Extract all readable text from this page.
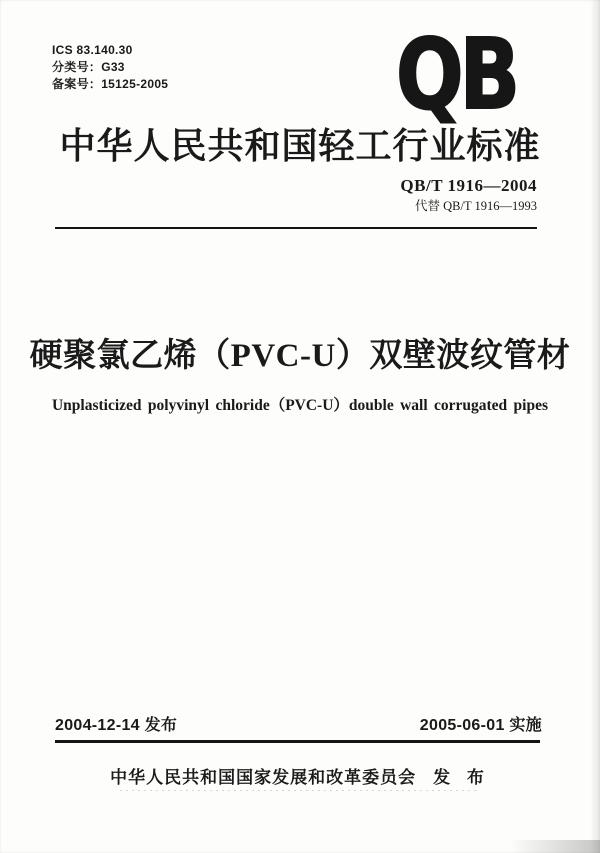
ICS 83.140.30
分类号：G33
备案号：15125-2005 QB
中华人民共和国轻工行业标准
QB/T 1916—2004
代替 QB/T 1916—1993
硬聚氯乙烯（PVC-U）双壁波纹管材
Unplasticized polyvinyl chloride（PVC-U）double wall corrugated pipes
2004-12-14 发布	2005-06-01 实施
中华人民共和国国家发展和改革委员会 发 布
